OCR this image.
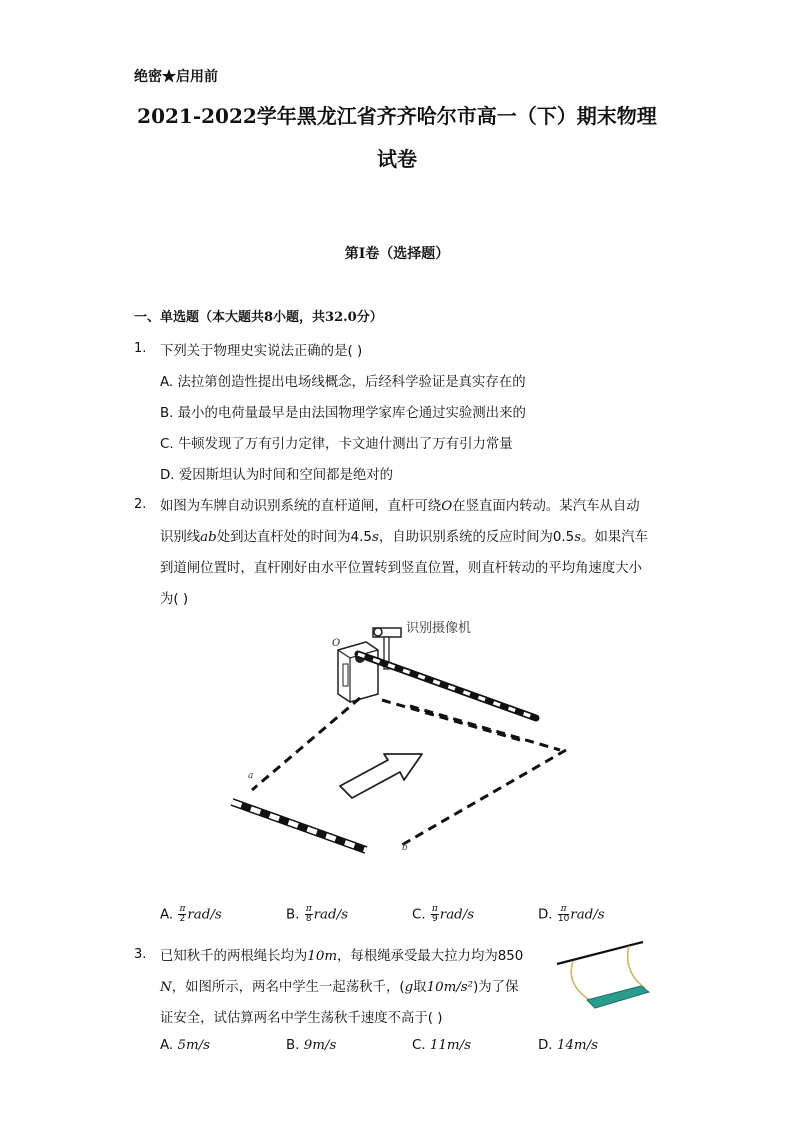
绝密★启用前
2021-2022学年黑龙江省齐齐哈尔市高一（下）期末物理
试卷
第I卷（选择题）
一、单选题（本大题共8小题，共32.0分）
1. 下列关于物理史实说法正确的是( )
A. 法拉第创造性提出电场线概念，后经科学验证是真实存在的
B. 最小的电荷量最早是由法国物理学家库仑通过实验测出来的
C. 牛顿发现了万有引力定律，卡文迪什测出了万有引力常量
D. 爱因斯坦认为时间和空间都是绝对的
2. 如图为车牌自动识别系统的直杆道闸，直杆可绕O在竖直面内转动。某汽车从自动
识别线ab处到达直杆处的时间为4.5s，自助识别系统的反应时间为0.5s。如果汽车
到道闸位置时，直杆刚好由水平位置转到竖直位置，则直杆转动的平均角速度大小
为( )
识别摄像机
O
a
b
A. $\frac{\pi}{2} rad/s$	B. $\frac{\pi}{8} rad/s$	C. $\frac{\pi}{9} rad/s$	D. $\frac{\pi}{10} rad/s$
3. 已知秋千的两根绳长均为10m，每根绳承受最大拉力均为850
N，如图所示，两名中学生一起荡秋千，(g取10m/s²)为了保
证安全，试估算两名中学生荡秋千速度不高于( )
A. 5m/s	B. 9m/s	C. 11m/s	D. 14m/s
